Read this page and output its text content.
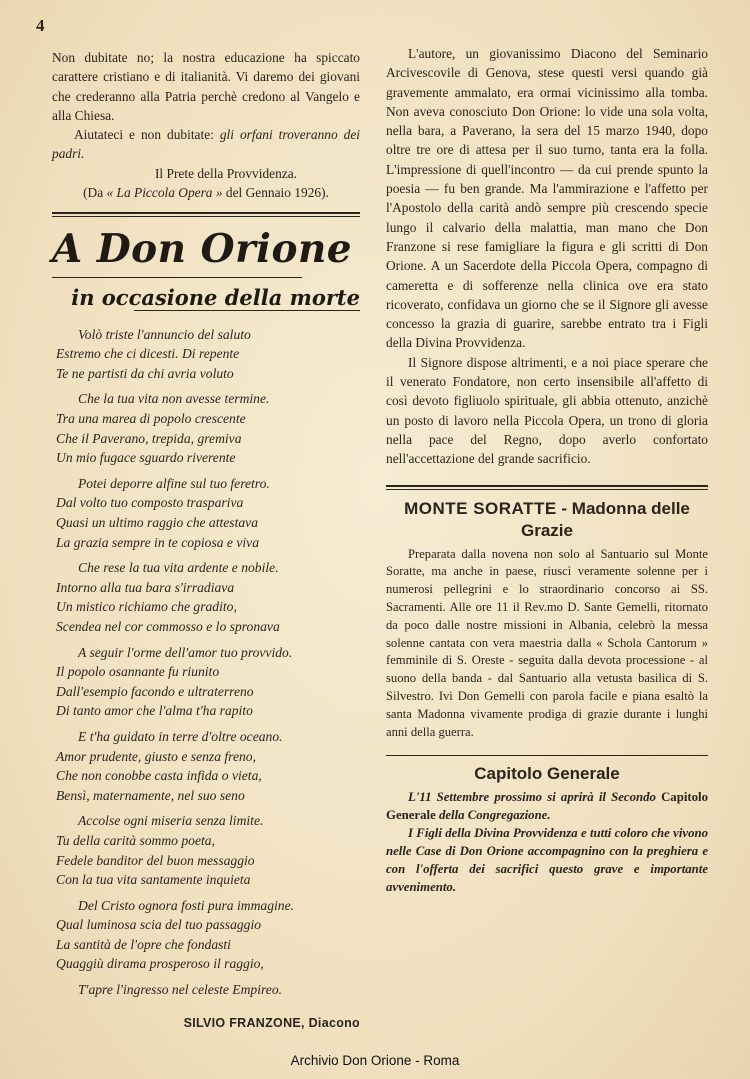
4

Non dubitate no; la nostra educazione ha spiccato carattere cristiano e di italianità. Vi daremo dei giovani che crederanno alla Patria perchè credono al Vangelo e alla Chiesa.

Aiutateci e non dubitate: gli orfani troveranno dei padri.

Il Prete della Provvidenza.

(Da « La Piccola Opera » del Gennaio 1926).

A Don Orione
in occasione della morte
Volò triste l'annuncio del saluto
Estremo che ci dicesti. Di repente
Te ne partisti da chi avria voluto
Che la tua vita non avesse termine.
Tra una marea di popolo crescente
Che il Paverano, trepida, gremiva
Un mio fugace sguardo riverente
Potei deporre alfine sul tuo feretro.
Dal volto tuo composto traspariva
Quasi un ultimo raggio che attestava
La grazia sempre in te copiosa e viva
Che rese la tua vita ardente e nobile.
Intorno alla tua bara s'irradiava
Un mistico richiamo che gradito,
Scendea nel cor commosso e lo spronava
A seguir l'orme dell'amor tuo provvido.
Il popolo osannante fu riunito
Dall'esempio facondo e ultraterreno
Di tanto amor che l'alma t'ha rapito
E t'ha guidato in terre d'oltre oceano.
Amor prudente, giusto e senza freno,
Che non conobbe casta infida o vieta,
Bensì, maternamente, nel suo seno
Accolse ogni miseria senza limite.
Tu della carità sommo poeta,
Fedele banditor del buon messaggio
Con la tua vita santamente inquieta
Del Cristo ognora fosti pura immagine.
Qual luminosa scia del tuo passaggio
La santità de l'opre che fondasti
Quaggiù dirama prosperoso il raggio,
T'apre l'ingresso nel celeste Empireo.
SILVIO FRANZONE, Diacono

L'autore, un giovanissimo Diacono del Seminario Arcivescovile di Genova, stese questi versi quando già gravemente ammalato, era ormai vicinissimo alla tomba. Non aveva conosciuto Don Orione: lo vide una sola volta, nella bara, a Paverano, la sera del 15 marzo 1940, dopo oltre tre ore di attesa per il suo turno, tanta era la folla. L'impressione di quell'incontro — da cui prende spunto la poesia — fu ben grande. Ma l'ammirazione e l'affetto per l'Apostolo della carità andò sempre più crescendo specie lungo il calvario della malattia, man mano che Don Franzone si rese famigliare la figura e gli scritti di Don Orione. A un Sacerdote della Piccola Opera, compagno di cameretta e di sofferenze nella clinica ove era stato ricoverato, confidava un giorno che se il Signore gli avesse concesso la grazia di guarire, sarebbe entrato tra i Figli della Divina Provvidenza.

Il Signore dispose altrimenti, e a noi piace sperare che il venerato Fondatore, non certo insensibile all'affetto di così devoto figliuolo spirituale, gli abbia ottenuto, anzichè un posto di lavoro nella Piccola Opera, un trono di gloria nella pace del Regno, dopo averlo confortato nell'accettazione del grande sacrificio.

MONTE SORATTE - Madonna delle Grazie

Preparata dalla novena non solo al Santuario sul Monte Soratte, ma anche in paese, riuscì veramente solenne per i numerosi pellegrini e lo straordinario concorso ai SS. Sacramenti. Alle ore 11 il Rev.mo D. Sante Gemelli, ritornato da poco dalle nostre missioni in Albania, celebrò la messa solenne cantata con vera maestria dalla « Schola Cantorum » femminile di S. Oreste - seguita dalla devota processione - al suono della banda - dal Santuario alla vetusta basilica di S. Silvestro. Ivi Don Gemelli con parola facile e piana esaltò la santa Madonna vivamente prodiga di grazie durante i lunghi anni della guerra.

Capitolo Generale

L'11 Settembre prossimo si aprirà il Secondo Capitolo Generale della Congregazione.

I Figli della Divina Provvidenza e tutti coloro che vivono nelle Case di Don Orione accompagnino con la preghiera e con l'offerta dei sacrifici questo grave e importante avvenimento.

Archivio Don Orione - Roma
